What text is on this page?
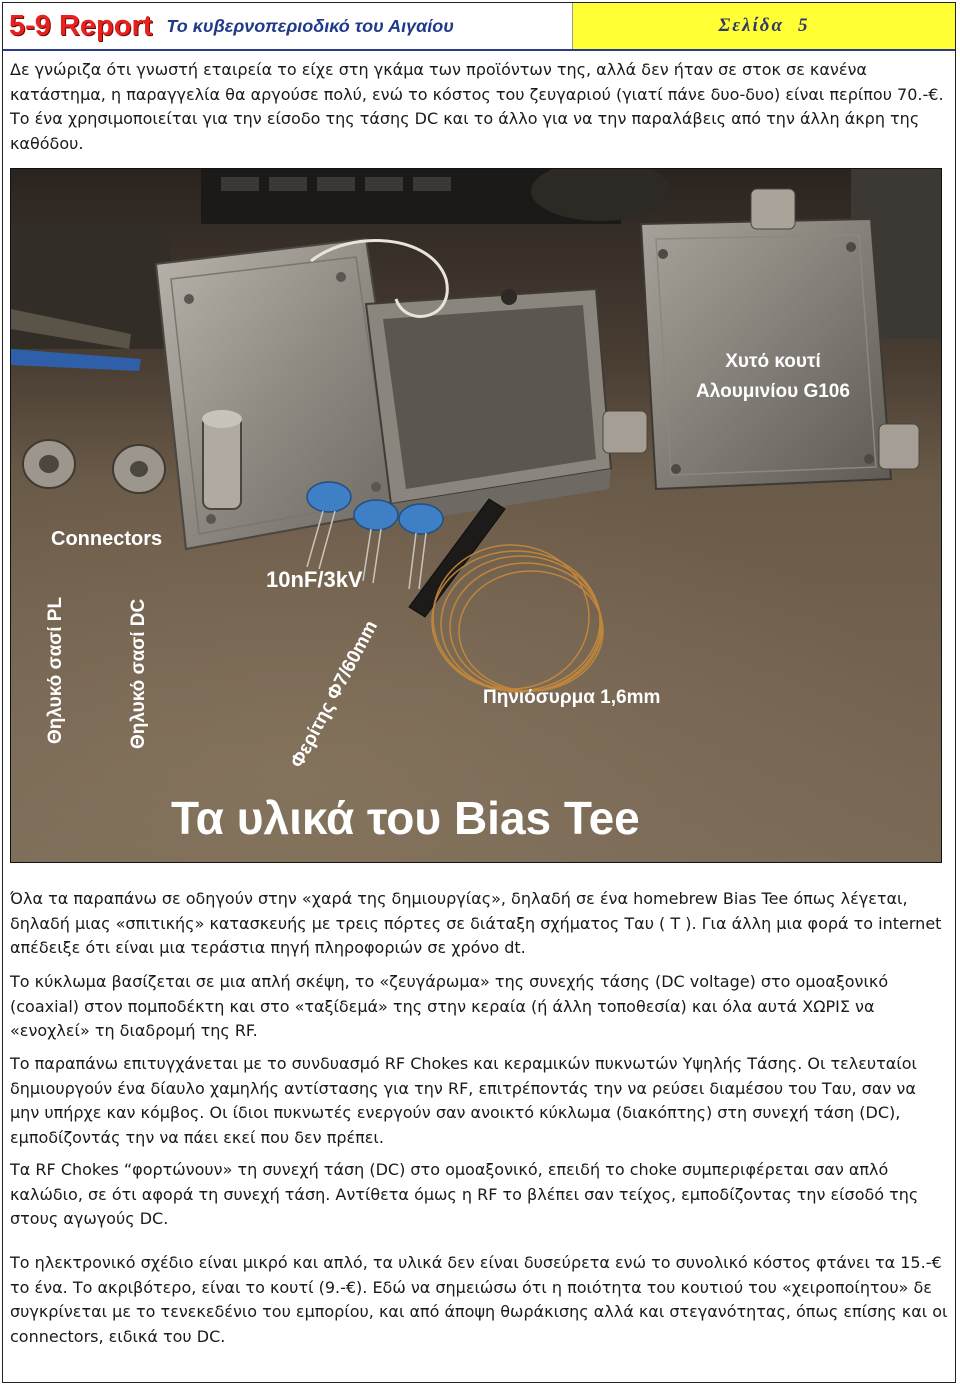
5-9 Report Το κυβερνοπεριοδικό του Αιγαίου	Σελίδα 5

Δε γνώριζα ότι γνωστή εταιρεία το είχε στη γκάμα των προϊόντων της, αλλά δεν ήταν σε στοκ σε κανένα κατάστημα, η παραγγελία θα αργούσε πολύ, ενώ το κόστος του ζευγαριού (γιατί πάνε δυο-δυο) είναι περίπου 70.-€. Το ένα χρησιμοποιείται για την είσοδο της τάσης DC και το άλλο για να την παραλάβεις από την άλλη άκρη της καθόδου.

Χυτό κουτί
Αλουμινίου G106
Connectors
10nF/3kV
Πηνιόσυρμα 1,6mm
Θηλυκό σασί PL	Θηλυκό σασί DC	Φερίτης Φ7/60mm
Τα υλικά του Bias Tee

Όλα τα παραπάνω σε οδηγούν στην «χαρά της δημιουργίας», δηλαδή σε ένα homebrew Bias Tee όπως λέγεται, δηλαδή μιας «σπιτικής» κατασκευής με τρεις πόρτες σε διάταξη σχήματος Ταυ ( T ). Για άλλη μια φορά το internet απέδειξε ότι είναι μια τεράστια πηγή πληροφοριών σε χρόνο dt.

Το κύκλωμα βασίζεται σε μια απλή σκέψη, το «ζευγάρωμα» της συνεχής τάσης (DC voltage) στο ομοαξονικό (coaxial) στον πομποδέκτη και στο «ταξίδεμά» της στην κεραία (ή άλλη τοποθεσία) και όλα αυτά ΧΩΡΙΣ να «ενοχλεί» τη διαδρομή της RF.

Το παραπάνω επιτυγχάνεται με το συνδυασμό RF Chokes και κεραμικών πυκνωτών Υψηλής Τάσης. Οι τελευταίοι δημιουργούν ένα δίαυλο χαμηλής αντίστασης για την RF, επιτρέποντάς την να ρεύσει διαμέσου του Ταυ, σαν να μην υπήρχε καν κόμβος. Οι ίδιοι πυκνωτές ενεργούν σαν ανοικτό κύκλωμα (διακόπτης) στη συνεχή τάση (DC), εμποδίζοντάς την να πάει εκεί που δεν πρέπει.

Τα RF Chokes “φορτώνουν» τη συνεχή τάση (DC) στο ομοαξονικό, επειδή το choke συμπεριφέρεται σαν απλό καλώδιο, σε ότι αφορά τη συνεχή τάση. Αντίθετα όμως η RF το βλέπει σαν τείχος, εμποδίζοντας την είσοδό της στους αγωγούς DC.

Το ηλεκτρονικό σχέδιο είναι μικρό και απλό, τα υλικά δεν είναι δυσεύρετα ενώ το συνολικό κόστος φτάνει τα 15.-€ το ένα. Το ακριβότερο, είναι το κουτί (9.-€). Εδώ να σημειώσω ότι η ποιότητα του κουτιού του «χειροποίητου» δε συγκρίνεται με το τενεκεδένιο του εμπορίου, και από άποψη θωράκισης αλλά και στεγανότητας, όπως επίσης και οι connectors, ειδικά του DC.
